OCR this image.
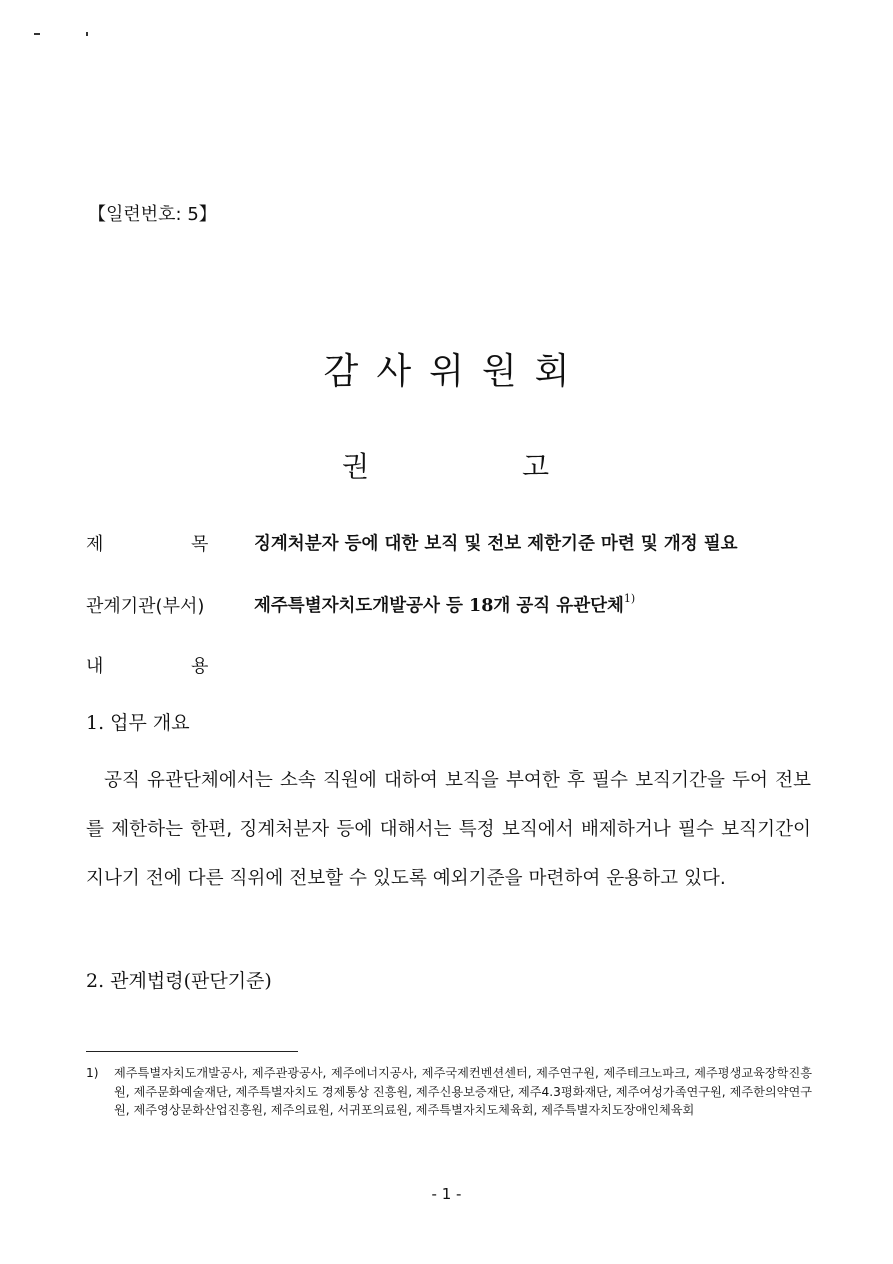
【일련번호: 5】
감사위원회
권	고
제	목	징계처분자 등에 대한 보직 및 전보 제한기준 마련 및 개정 필요
관계기관(부서)	제주특별자치도개발공사 등 18개 공직 유관단체$^{1)}$
내	용
1. 업무 개요
공직 유관단체에서는 소속 직원에 대하여 보직을 부여한 후 필수 보직기간을 두어 전보를 제한하는 한편, 징계처분자 등에 대해서는 특정 보직에서 배제하거나 필수 보직기간이 지나기 전에 다른 직위에 전보할 수 있도록 예외기준을 마련하여 운용하고 있다.
2. 관계법령(판단기준)
1) 제주특별자치도개발공사, 제주관광공사, 제주에너지공사, 제주국제컨벤션센터, 제주연구원, 제주테크노파크, 제주평생교육장학진흥원, 제주문화예술재단, 제주특별자치도 경제통상 진흥원, 제주신용보증재단, 제주4.3평화재단, 제주여성가족연구원, 제주한의약연구원, 제주영상문화산업진흥원, 제주의료원, 서귀포의료원, 제주특별자치도체육회, 제주특별자치도장애인체육회
- 1 -
